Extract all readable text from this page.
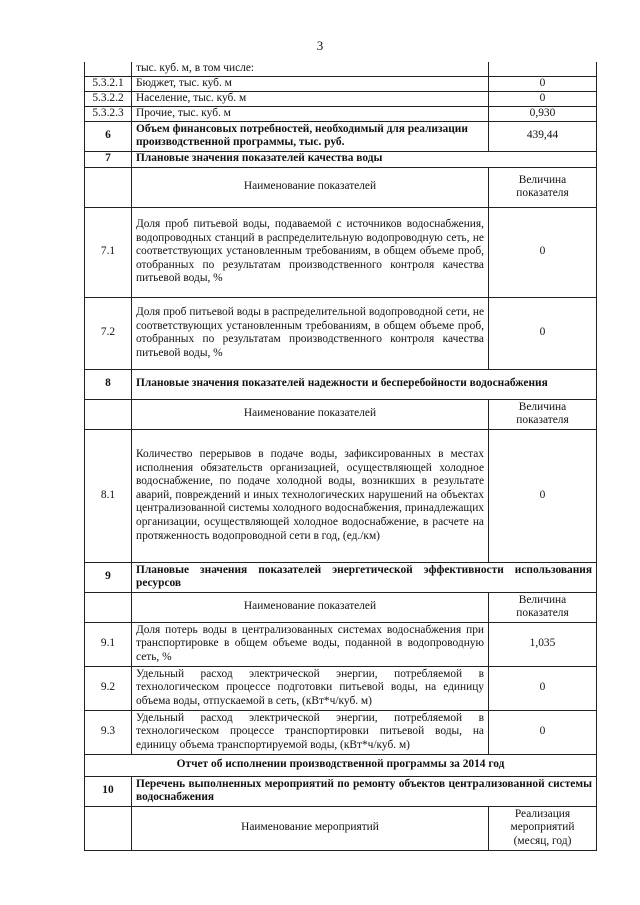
3
	тыс. куб. м, в том числе:	
5.3.2.1	Бюджет, тыс. куб. м	0
5.3.2.2	Население, тыс. куб. м	0
5.3.2.3	Прочие, тыс. куб. м	0,930
6	Объем финансовых потребностей, необходимый для реализации производственной программы, тыс. руб.	439,44
7	Плановые значения показателей качества воды	
	Наименование показателей	Величина показателя
7.1	Доля проб питьевой воды, подаваемой с источников водоснабжения, водопроводных станций в распределительную водопроводную сеть, не соответствующих установленным требованиям, в общем объеме проб, отобранных по результатам производственного контроля качества питьевой воды, %	0
7.2	Доля проб питьевой воды в распределительной водопроводной сети, не соответствующих установленным требованиям, в общем объеме проб, отобранных по результатам производственного контроля качества питьевой воды, %	0
8	Плановые значения показателей надежности и бесперебойности водоснабжения	
	Наименование показателей	Величина показателя
8.1	Количество перерывов в подаче воды, зафиксированных в местах исполнения обязательств организацией, осуществляющей холодное водоснабжение, по подаче холодной воды, возникших в результате аварий, повреждений и иных технологических нарушений на объектах централизованной системы холодного водоснабжения, принадлежащих организации, осуществляющей холодное водоснабжение, в расчете на протяженность водопроводной сети в год, (ед./км)	0
9	Плановые значения показателей энергетической эффективности использования ресурсов	
	Наименование показателей	Величина показателя
9.1	Доля потерь воды в централизованных системах водоснабжения при транспортировке в общем объеме воды, поданной в водопроводную сеть, %	1,035
9.2	Удельный расход электрической энергии, потребляемой в технологическом процессе подготовки питьевой воды, на единицу объема воды, отпускаемой в сеть, (кВт*ч/куб. м)	0
9.3	Удельный расход электрической энергии, потребляемой в технологическом процессе транспортировки питьевой воды, на единицу объема транспортируемой воды, (кВт*ч/куб. м)	0
Отчет об исполнении производственной программы за 2014 год		
10	Перечень выполненных мероприятий по ремонту объектов централизованной системы водоснабжения	
	Наименование мероприятий	Реализация мероприятий (месяц, год)
